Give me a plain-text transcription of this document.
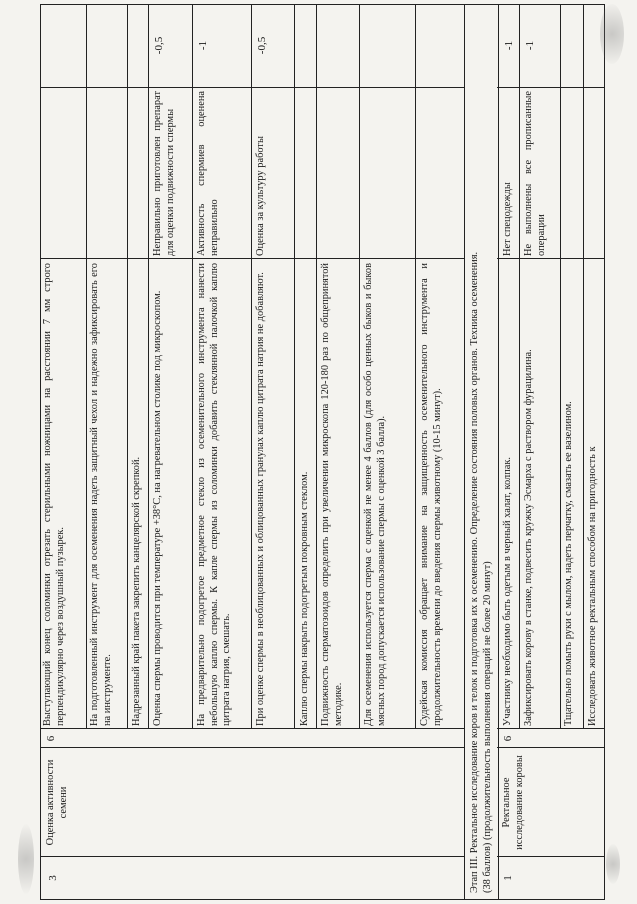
3
Оценка активности семени
6
Выступающий конец соломинки отрезать стерильными ножницами на расстоянии 7 мм строго перпендикулярно через воздушный пузырек. На подготовленный инструмент для осеменения надеть защитный чехол и надежно зафиксировать его на инструменте. Надрезанный край пакета закрепить канцелярской скрепкой. Оценка спермы проводится при температуре +38°С, на нагревательном столике под микроскопом.
Неправильно приготовлен препарат для оценки подвижности спермы
-0,5
На предварительно подогретое предметное стекло из осеменительного инструмента нанести небольшую каплю спермы. К капле спермы из соломинки добавить стеклянной палочкой каплю цитрата натрия, смешать.
Активность спермиев оценена неправильно
-1
При оценке спермы в необлицованных и облицованных гранулах каплю цитрата натрия не добавляют.
Оценка за культуру работы
-0,5
Каплю спермы накрыть подогретым покровным стеклом. Подвижность сперматозоидов определить при увеличении микроскопа 120-180 раз по общепринятой методике. Для осеменения используется сперма с оценкой не менее 4 баллов (для особо ценных быков и быков мясных пород допускается использование спермы с оценкой 3 балла).	Судейская комиссия обращает внимание на защищенность осеменительного инструмента и продолжительность времени до введения спермы животному (10-15 минут).	Этап III. Ректальное исследование коров и телок и подготовка их к осеменению. Определение состояния половых органов. Техника осеменения. (38 баллов) (продолжительность выполнения операций не более 20 минут) 1
Ректальное исследование коровы
6
Участнику необходимо быть одетым в черный халат, колпак.
Нет спецодежды
-1
Зафиксировать корову в станке, подвесить кружку Эсмарха с раствором фурацилина.
Не выполнены все прописанные операции
-1
Тщательно помыть руки с мылом, надеть перчатку, смазать ее вазелином. Исследовать животное ректальным способом на пригодность к
